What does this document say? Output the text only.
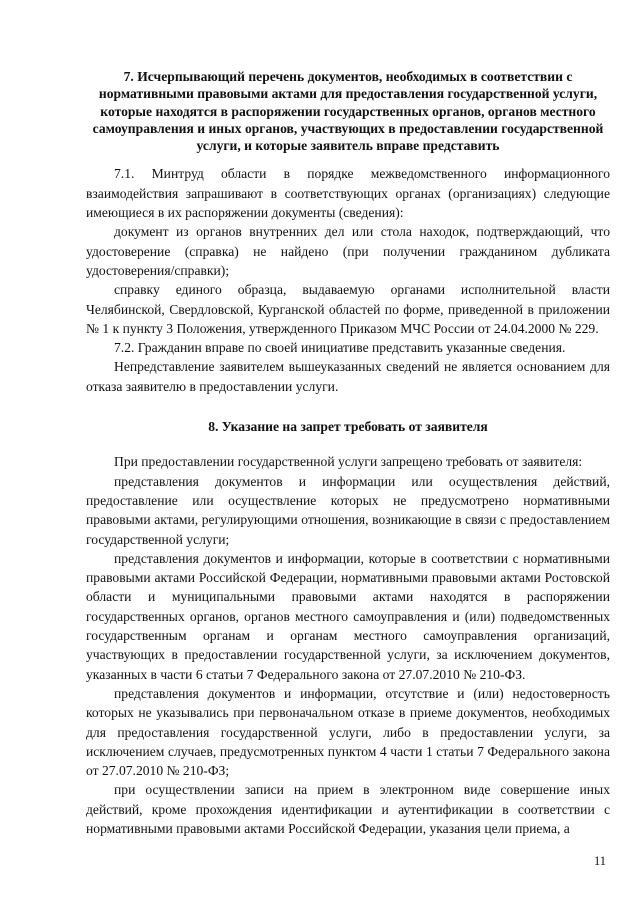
7. Исчерпывающий перечень документов, необходимых в соответствии с нормативными правовыми актами для предоставления государственной услуги, которые находятся в распоряжении государственных органов, органов местного самоуправления и иных органов, участвующих в предоставлении государственной услуги, и которые заявитель вправе представить

7.1. Минтруд области в порядке межведомственного информационного взаимодействия запрашивают в соответствующих органах (организациях) следующие имеющиеся в их распоряжении документы (сведения):

документ из органов внутренних дел или стола находок, подтверждающий, что удостоверение (справка) не найдено (при получении гражданином дубликата удостоверения/справки);

справку единого образца, выдаваемую органами исполнительной власти Челябинской, Свердловской, Курганской областей по форме, приведенной в приложении № 1 к пункту 3 Положения, утвержденного Приказом МЧС России от 24.04.2000 № 229.

7.2. Гражданин вправе по своей инициативе представить указанные сведения.

Непредставление заявителем вышеуказанных сведений не является основанием для отказа заявителю в предоставлении услуги.

8. Указание на запрет требовать от заявителя

При предоставлении государственной услуги запрещено требовать от заявителя:

представления документов и информации или осуществления действий, предоставление или осуществление которых не предусмотрено нормативными правовыми актами, регулирующими отношения, возникающие в связи с предоставлением государственной услуги;

представления документов и информации, которые в соответствии с нормативными правовыми актами Российской Федерации, нормативными правовыми актами Ростовской области и муниципальными правовыми актами находятся в распоряжении государственных органов, органов местного самоуправления и (или) подведомственных государственным органам и органам местного самоуправления организаций, участвующих в предоставлении государственной услуги, за исключением документов, указанных в части 6 статьи 7 Федерального закона от 27.07.2010 № 210-ФЗ.

представления документов и информации, отсутствие и (или) недостоверность которых не указывались при первоначальном отказе в приеме документов, необходимых для предоставления государственной услуги, либо в предоставлении услуги, за исключением случаев, предусмотренных пунктом 4 части 1 статьи 7 Федерального закона от 27.07.2010 № 210-ФЗ;

при осуществлении записи на прием в электронном виде совершение иных действий, кроме прохождения идентификации и аутентификации в соответствии с нормативными правовыми актами Российской Федерации, указания цели приема, а

11
